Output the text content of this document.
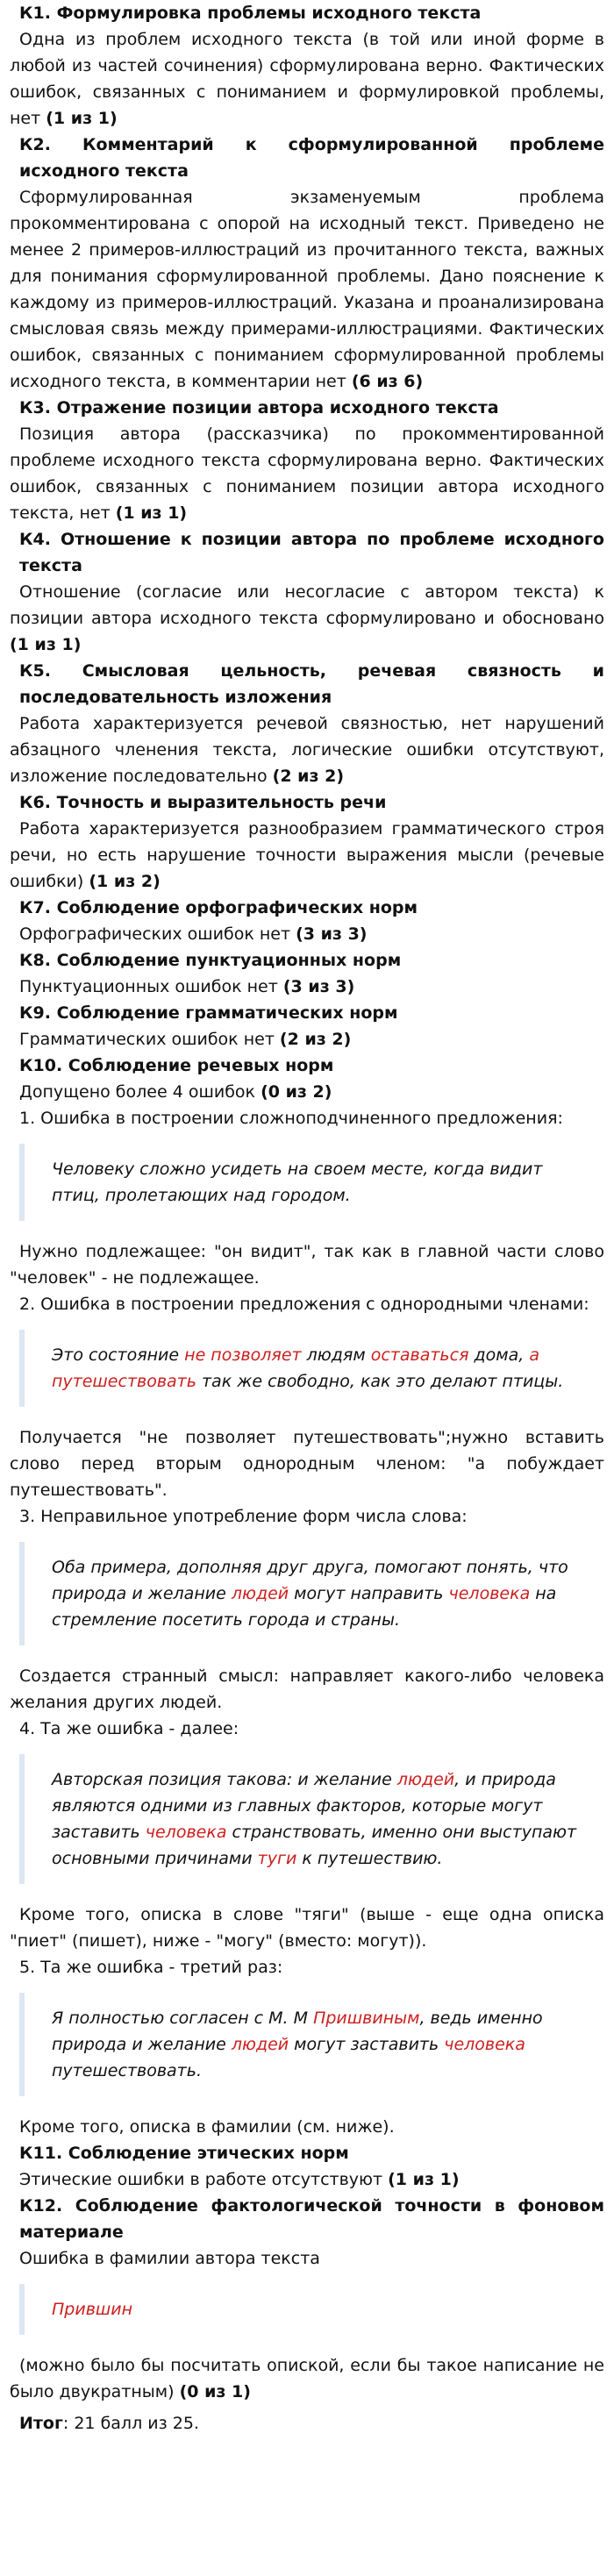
К1. Формулировка проблемы исходного текста

Одна из проблем исходного текста (в той или иной форме в любой из частей сочинения) сформулирована верно. Фактических ошибок, связанных с пониманием и формулировкой проблемы, нет (1 из 1)

К2. Комментарий к сформулированной проблеме исходного текста

Сформулированная экзаменуемым проблема прокомментирована с опорой на исходный текст. Приведено не менее 2 примеров-иллюстраций из прочитанного текста, важных для понимания сформулированной проблемы. Дано пояснение к каждому из примеров-иллюстраций. Указана и проанализирована смысловая связь между примерами-иллюстрациями. Фактических ошибок, связанных с пониманием сформулированной проблемы исходного текста, в комментарии нет (6 из 6)

К3. Отражение позиции автора исходного текста

Позиция автора (рассказчика) по прокомментированной проблеме исходного текста сформулирована верно. Фактических ошибок, связанных с пониманием позиции автора исходного текста, нет (1 из 1)

К4. Отношение к позиции автора по проблеме исходного текста

Отношение (согласие или несогласие с автором текста) к позиции автора исходного текста сформулировано и обосновано (1 из 1)

К5. Смысловая цельность, речевая связность и последовательность изложения

Работа характеризуется речевой связностью, нет нарушений абзацного членения текста, логические ошибки отсутствуют, изложение последовательно (2 из 2)

К6. Точность и выразительность речи

Работа характеризуется разнообразием грамматического строя речи, но есть нарушение точности выражения мысли (речевые ошибки) (1 из 2)

К7. Соблюдение орфографических норм

Орфографических ошибок нет (3 из 3)

К8. Соблюдение пунктуационных норм

Пунктуационных ошибок нет (3 из 3)

К9. Соблюдение грамматических норм

Грамматических ошибок нет (2 из 2)

К10. Соблюдение речевых норм

Допущено более 4 ошибок (0 из 2)

1. Ошибка в построении сложноподчиненного предложения:

Человеку сложно усидеть на своем месте, когда видит птиц, пролетающих над городом.

Нужно подлежащее: "он видит", так как в главной части слово "человек" - не подлежащее.

2. Ошибка в построении предложения с однородными членами:

Это состояние не позволяет людям оставаться дома, а путешествовать так же свободно, как это делают птицы.

Получается "не позволяет путешествовать";нужно вставить слово перед вторым однородным членом: "а побуждает путешествовать".

3. Неправильное употребление форм числа слова:

Оба примера, дополняя друг друга, помогают понять, что природа и желание людей могут направить человека на стремление посетить города и страны.

Создается странный смысл: направляет какого-либо человека желания других людей.

4. Та же ошибка - далее:

Авторская позиция такова: и желание людей, и природа являются одними из главных факторов, которые могут заставить человека странствовать, именно они выступают основными причинами туги к путешествию.

Кроме того, описка в слове "тяги" (выше - еще одна описка "пиет" (пишет), ниже - "могу" (вместо: могут)).

5. Та же ошибка - третий раз:

Я полностью согласен с М. М Пришвиным, ведь именно природа и желание людей могут заставить человека путешествовать.

Кроме того, описка в фамилии (см. ниже).

К11. Соблюдение этических норм

Этические ошибки в работе отсутствуют (1 из 1)

К12. Соблюдение фактологической точности в фоновом материале

Ошибка в фамилии автора текста

Прившин

(можно было бы посчитать опиской, если бы такое написание не было двукратным) (0 из 1)

Итог: 21 балл из 25.
